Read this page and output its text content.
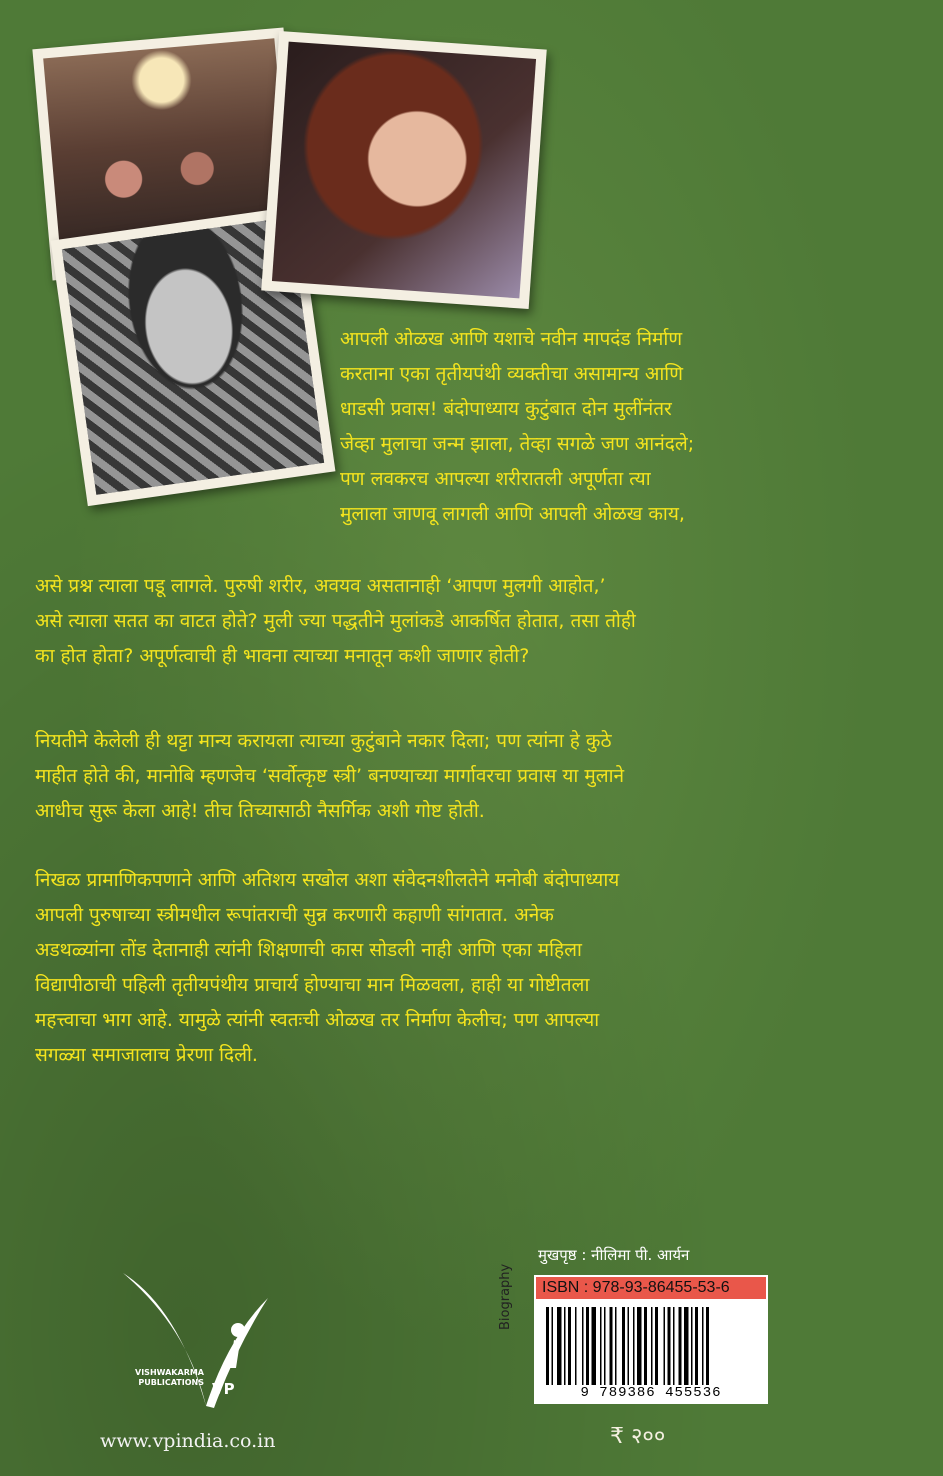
आपली ओळख आणि यशाचे नवीन मापदंड निर्माण

करताना एका तृतीयपंथी व्यक्तीचा असामान्य आणि

धाडसी प्रवास! बंदोपाध्याय कुटुंबात दोन मुलींनंतर

जेव्हा मुलाचा जन्म झाला, तेव्हा सगळे जण आनंदले;

पण लवकरच आपल्या शरीरातली अपूर्णता त्या

मुलाला जाणवू लागली आणि आपली ओळख काय,

असे प्रश्न त्याला पडू लागले. पुरुषी शरीर, अवयव असतानाही ‘आपण मुलगी आहोत,’

असे त्याला सतत का वाटत होते? मुली ज्या पद्धतीने मुलांकडे आकर्षित होतात, तसा तोही

का होत होता? अपूर्णत्वाची ही भावना त्याच्या मनातून कशी जाणार होती?

नियतीने केलेली ही थट्टा मान्य करायला त्याच्या कुटुंबाने नकार दिला; पण त्यांना हे कुठे

माहीत होते की, मानोबि म्हणजेच ‘सर्वोत्कृष्ट स्त्री’ बनण्याच्या मार्गावरचा प्रवास या मुलाने

आधीच सुरू केला आहे! तीच तिच्यासाठी नैसर्गिक अशी गोष्ट होती.

निखळ प्रामाणिकपणाने आणि अतिशय सखोल अशा संवेदनशीलतेने मनोबी बंदोपाध्याय

आपली पुरुषाच्या स्त्रीमधील रूपांतराची सुन्न करणारी कहाणी सांगतात. अनेक

अडथळ्यांना तोंड देतानाही त्यांनी शिक्षणाची कास सोडली नाही आणि एका महिला

विद्यापीठाची पहिली तृतीयपंथीय प्राचार्य होण्याचा मान मिळवला, हाही या गोष्टीतला

महत्त्वाचा भाग आहे. यामुळे त्यांनी स्वतःची ओळख तर निर्माण केलीच; पण आपल्या

सगळ्या समाजालाच प्रेरणा दिली.

VISHWAKARMA
PUBLICATIONS VP
www.vpindia.co.in
मुखपृष्ठ : नीलिमा पी. आर्यन
ISBN : 978-93-86455-53-6
9 789386 455536
Biography
₹ २००
